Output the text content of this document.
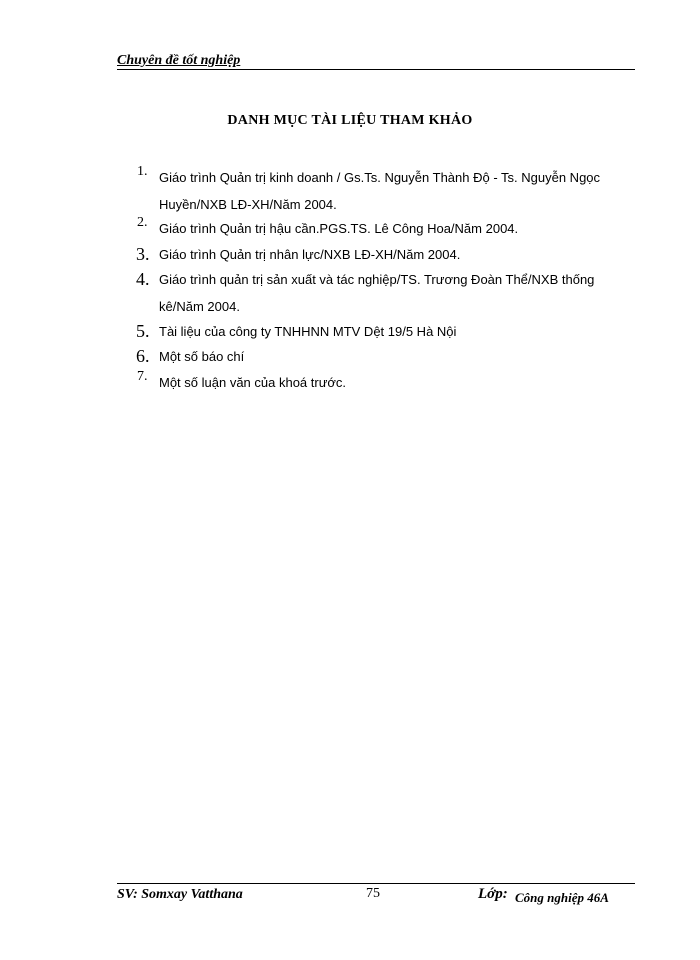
Chuyên đề tốt nghiệp
DANH MỤC TÀI LIỆU THAM KHẢO
1. Giáo trình Quản trị kinh doanh / Gs.Ts. Nguyễn Thành Độ - Ts. Nguyễn Ngọc Huyền/NXB LĐ-XH/Năm 2004.
2. Giáo trình Quản trị hậu cần.PGS.TS. Lê Công Hoa/Năm 2004.
3. Giáo trình Quản trị nhân lực/NXB LĐ-XH/Năm 2004.
4. Giáo trình quản trị sản xuất và tác nghiệp/TS. Trương Đoàn Thể/NXB thống kê/Năm 2004.
5. Tài liệu của công ty TNHHNN MTV Dệt 19/5 Hà Nội
6. Một số báo chí
7. Một số luận văn của khoá trước.
SV: Somxay Vatthana	75	Lớp: Công nghiệp 46A
